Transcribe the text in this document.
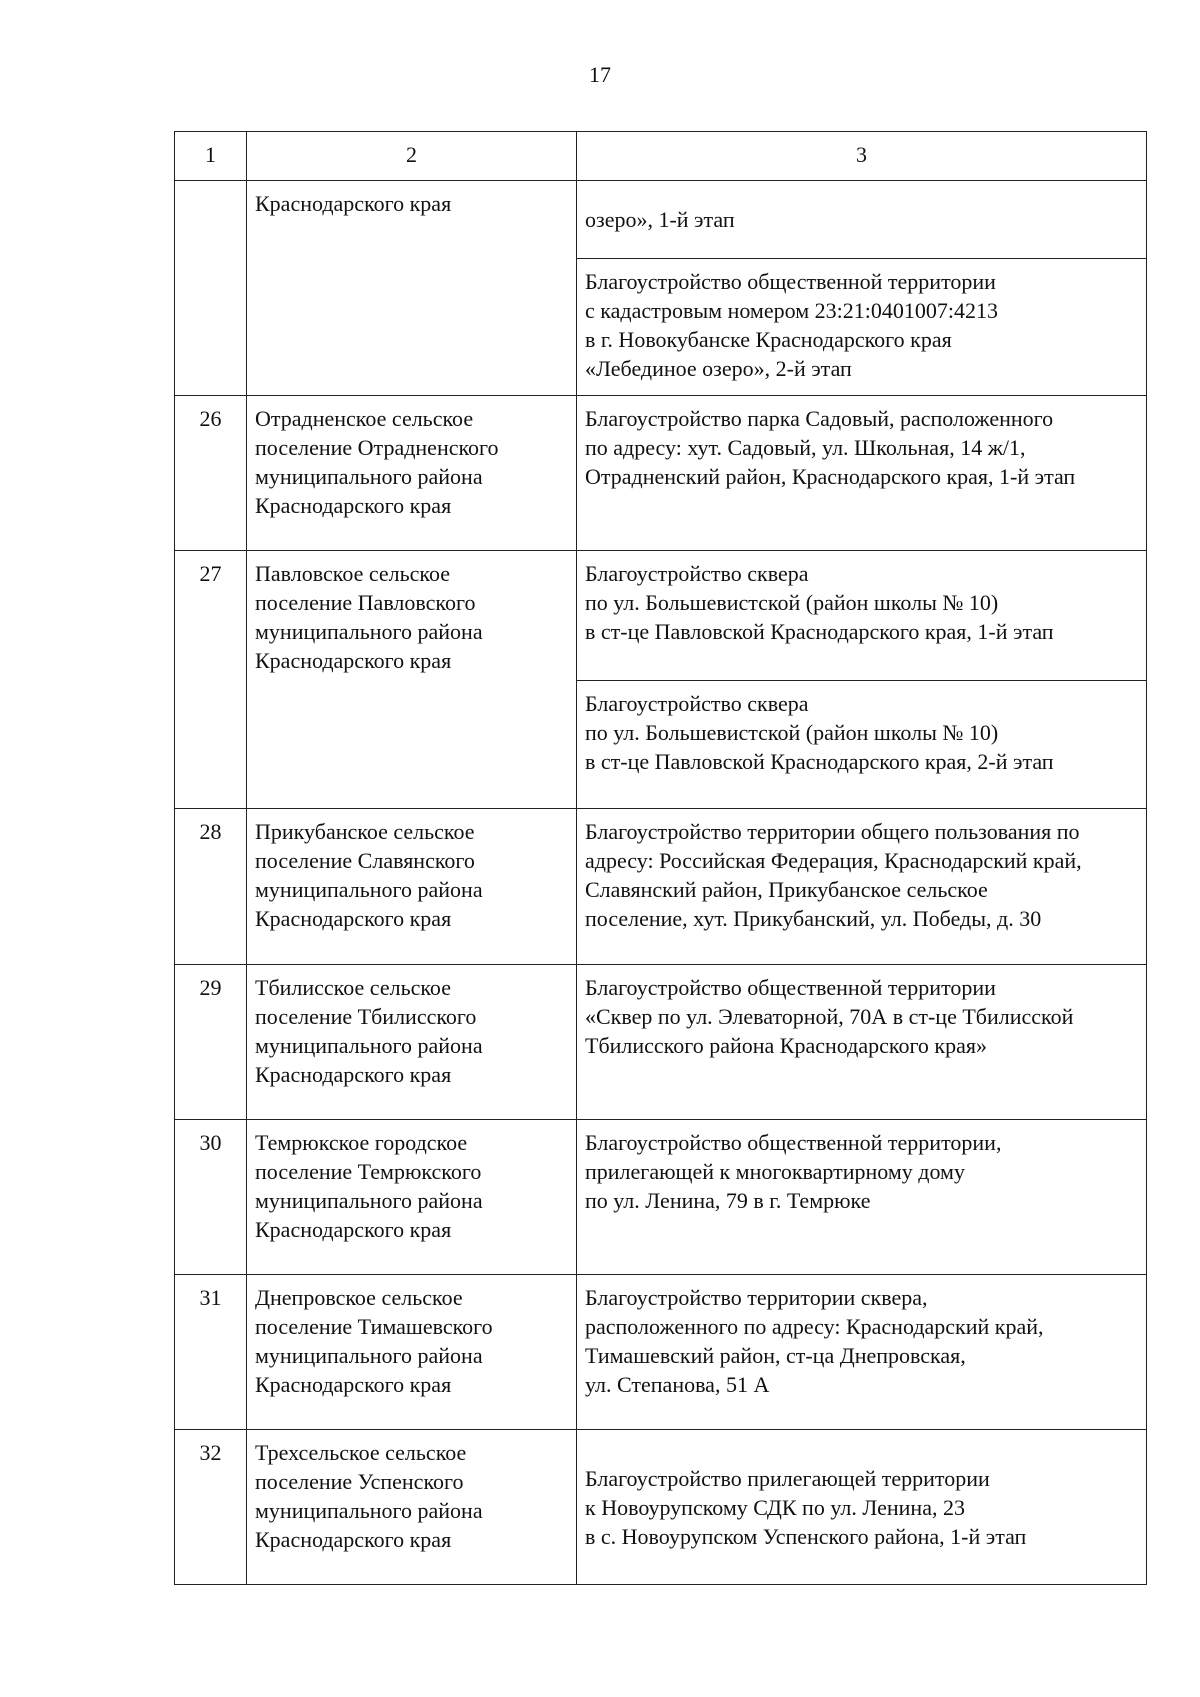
17
1	2	3

	Краснодарского края	озеро», 1-й этап

		Благоустройство общественной территории
с кадастровым номером 23:21:0401007:4213
в г. Новокубанске Краснодарского края
«Лебединое озеро», 2-й этап

26	Отрадненское сельское
поселение Отрадненского
муниципального района
Краснодарского края	Благоустройство парка Садовый, расположенного
по адресу: хут. Садовый, ул. Школьная, 14 ж/1,
Отрадненский район, Краснодарского края, 1-й этап

27	Павловское сельское
поселение Павловского
муниципального района
Краснодарского края	Благоустройство сквера
по ул. Большевистской (район школы № 10)
в ст-це Павловской Краснодарского края, 1-й этап

		Благоустройство сквера
по ул. Большевистской (район школы № 10)
в ст-це Павловской Краснодарского края, 2-й этап

28	Прикубанское сельское
поселение Славянского
муниципального района
Краснодарского края	Благоустройство территории общего пользования по
адресу: Российская Федерация, Краснодарский край,
Славянский район, Прикубанское сельское
поселение, хут. Прикубанский, ул. Победы, д. 30

29	Тбилисское сельское
поселение Тбилисского
муниципального района
Краснодарского края	Благоустройство общественной территории
«Сквер по ул. Элеваторной, 70А в ст-це Тбилисской
Тбилисского района Краснодарского края»

30	Темрюкское городское
поселение Темрюкского
муниципального района
Краснодарского края	Благоустройство общественной территории,
прилегающей к многоквартирному дому
по ул. Ленина, 79 в г. Темрюке

31	Днепровское сельское
поселение Тимашевского
муниципального района
Краснодарского края	Благоустройство территории сквера,
расположенного по адресу: Краснодарский край,
Тимашевский район, ст-ца Днепровская,
ул. Степанова, 51 А

32	Трехсельское сельское
поселение Успенского
муниципального района
Краснодарского края	Благоустройство прилегающей территории
к Новоурупскому СДК по ул. Ленина, 23
в с. Новоурупском Успенского района, 1-й этап
